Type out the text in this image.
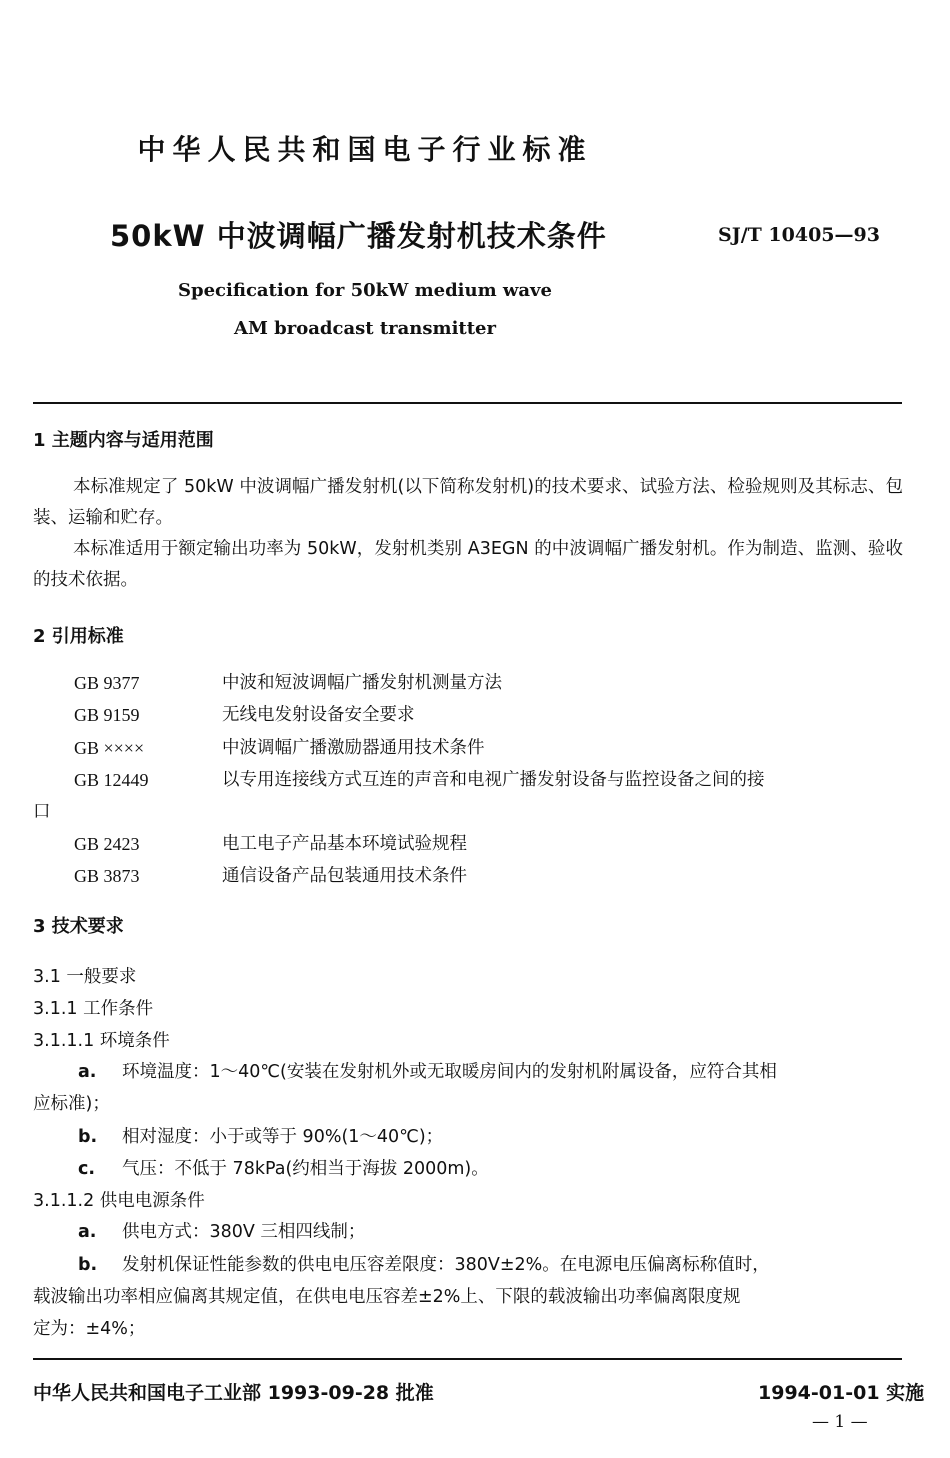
中华人民共和国电子行业标准
50kW 中波调幅广播发射机技术条件	SJ/T 10405—93
Specification for 50kW medium wave
AM broadcast transmitter
1 主题内容与适用范围
本标准规定了 50kW 中波调幅广播发射机(以下简称发射机)的技术要求、试验方法、检验规则及其标志、包装、运输和贮存。
本标准适用于额定输出功率为 50kW，发射机类别 A3EGN 的中波调幅广播发射机。作为制造、监测、验收的技术依据。
2 引用标准
GB 9377	中波和短波调幅广播发射机测量方法
GB 9159	无线电发射设备安全要求
GB ××××	中波调幅广播激励器通用技术条件
GB 12449	以专用连接线方式互连的声音和电视广播发射设备与监控设备之间的接
口
GB 2423	电工电子产品基本环境试验规程
GB 3873	通信设备产品包装通用技术条件
3 技术要求
3.1 一般要求
3.1.1 工作条件
3.1.1.1 环境条件
a. 环境温度：1～40℃(安装在发射机外或无取暖房间内的发射机附属设备，应符合其相
应标准)；
b. 相对湿度：小于或等于 90%(1～40℃)；
c. 气压：不低于 78kPa(约相当于海拔 2000m)。
3.1.1.2 供电电源条件
a. 供电方式：380V 三相四线制；
b. 发射机保证性能参数的供电电压容差限度：380V±2%。在电源电压偏离标称值时，
载波输出功率相应偏离其规定值，在供电电压容差±2%上、下限的载波输出功率偏离限度规
定为：±4%；
中华人民共和国电子工业部 1993-09-28 批准	1994-01-01 实施
— 1 —
